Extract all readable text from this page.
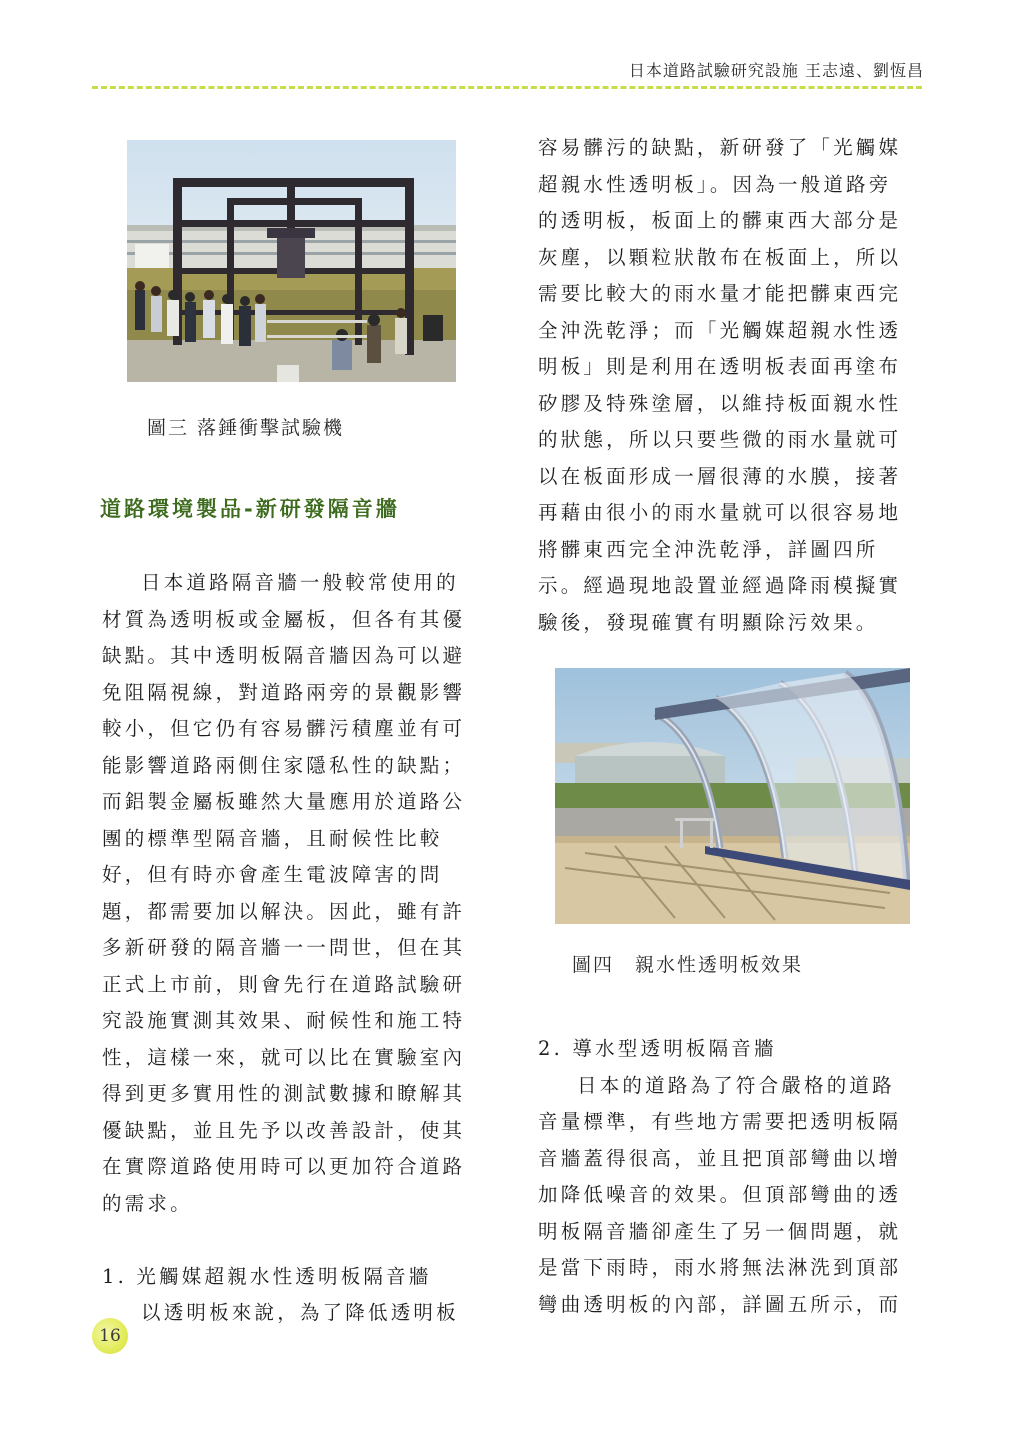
日本道路試驗研究設施 王志遠、劉恆昌
圖三 落錘衝擊試驗機
道路環境製品-新研發隔音牆

日本道路隔音牆一般較常使用的材質為透明板或金屬板，但各有其優缺點。其中透明板隔音牆因為可以避免阻隔視線，對道路兩旁的景觀影響較小，但它仍有容易髒污積塵並有可能影響道路兩側住家隱私性的缺點；而鋁製金屬板雖然大量應用於道路公團的標準型隔音牆，且耐候性比較好，但有時亦會產生電波障害的問題，都需要加以解決。因此，雖有許多新研發的隔音牆一一問世，但在其正式上市前，則會先行在道路試驗研究設施實測其效果、耐候性和施工特性，這樣一來，就可以比在實驗室內得到更多實用性的測試數據和瞭解其優缺點，並且先予以改善設計，使其在實際道路使用時可以更加符合道路的需求。

1. 光觸媒超親水性透明板隔音牆

以透明板來說，為了降低透明板

容易髒污的缺點，新研發了「光觸媒超親水性透明板」。因為一般道路旁的透明板，板面上的髒東西大部分是灰塵，以顆粒狀散布在板面上，所以需要比較大的雨水量才能把髒東西完全沖洗乾淨；而「光觸媒超親水性透明板」則是利用在透明板表面再塗布矽膠及特殊塗層，以維持板面親水性的狀態，所以只要些微的雨水量就可以在板面形成一層很薄的水膜，接著再藉由很小的雨水量就可以很容易地將髒東西完全沖洗乾淨，詳圖四所示。經過現地設置並經過降雨模擬實驗後，發現確實有明顯除污效果。

圖四　親水性透明板效果

2. 導水型透明板隔音牆

日本的道路為了符合嚴格的道路音量標準，有些地方需要把透明板隔音牆蓋得很高，並且把頂部彎曲以增加降低噪音的效果。但頂部彎曲的透明板隔音牆卻產生了另一個問題，就是當下雨時，雨水將無法淋洗到頂部彎曲透明板的內部，詳圖五所示，而

16
